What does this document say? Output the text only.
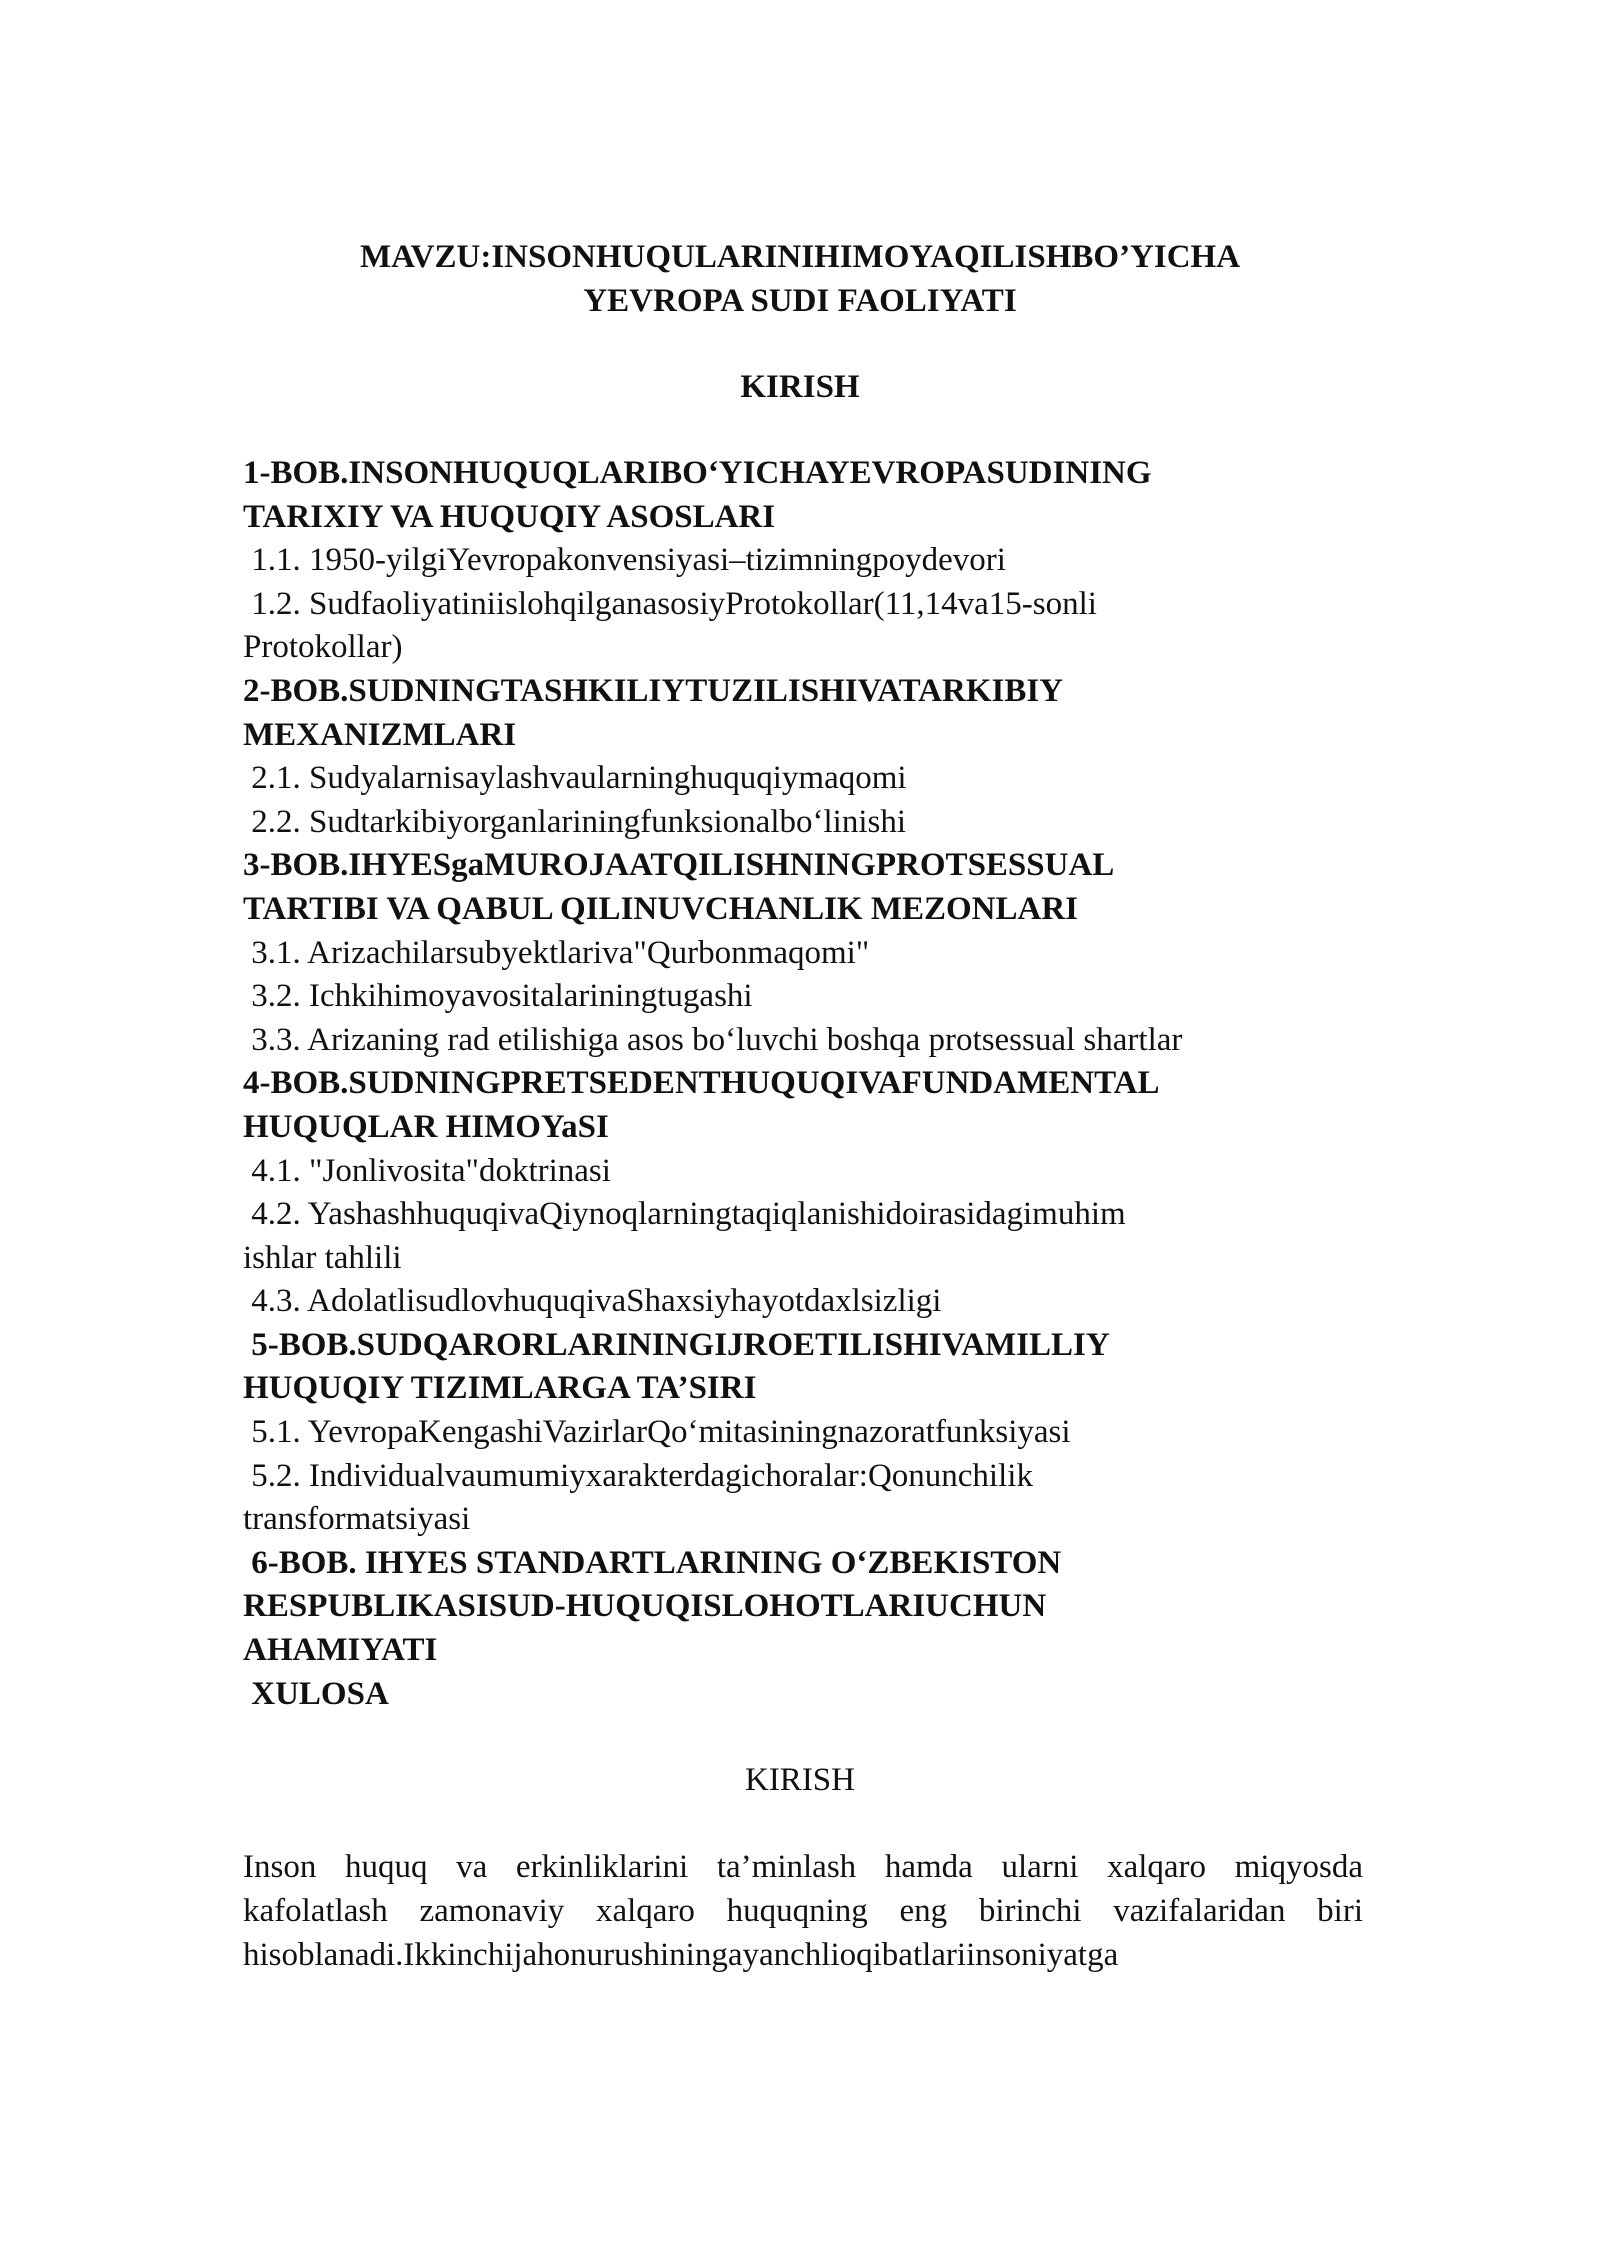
MAVZU:INSONHUQULARINIHIMOYAQILISHBO’YICHA

YEVROPA SUDI FAOLIYATI

KIRISH

1-BOB.INSONHUQUQLARIBO‘YICHAYEVROPASUDINING
TARIXIY VA HUQUQIY ASOSLARI
1.1. 1950-yilgiYevropakonvensiyasi–tizimningpoydevori
1.2. SudfaoliyatiniislohqilganasosiyProtokollar(11,14va15-sonli
Protokollar)
2-BOB.SUDNINGTASHKILIYTUZILISHIVATARKIBIY
MEXANIZMLARI
2.1. Sudyalarnisaylashvaularninghuquqiymaqomi
2.2. Sudtarkibiyorganlariningfunksionalbo‘linishi
3-BOB.IHYESgaMUROJAATQILISHNINGPROTSESSUAL
TARTIBI VA QABUL QILINUVCHANLIK MEZONLARI
3.1. Arizachilarsubyektlariva"Qurbonmaqomi"
3.2. Ichkihimoyavositalariningtugashi
3.3. Arizaning rad etilishiga asos bo‘luvchi boshqa protsessual shartlar
4-BOB.SUDNINGPRETSEDENTHUQUQIVAFUNDAMENTAL
HUQUQLAR HIMOYaSI
4.1. "Jonlivosita"doktrinasi
4.2. YashashhuquqivaQiynoqlarningtaqiqlanishidoirasidagimuhim
ishlar tahlili
4.3. AdolatlisudlovhuquqivaShaxsiyhayotdaxlsizligi
5-BOB.SUDQARORLARININGIJROETILISHIVAMILLIY
HUQUQIY TIZIMLARGA TA’SIRI
5.1. YevropaKengashiVazirlarQo‘mitasiningnazoratfunksiyasi
5.2. Individualvaumumiyxarakterdagichoralar:Qonunchilik
transformatsiyasi
6-BOB. IHYES STANDARTLARINING O‘ZBEKISTON
RESPUBLIKASISUD-HUQUQISLOHOTLARIUCHUN
AHAMIYATI
XULOSA

KIRISH

Inson huquq va erkinliklarini ta’minlash hamda ularni xalqaro miqyosda
kafolatlash zamonaviy xalqaro huquqning eng birinchi vazifalaridan biri
hisoblanadi.Ikkinchijahonurushiningayanchlioqibatlariinsoniyatga
